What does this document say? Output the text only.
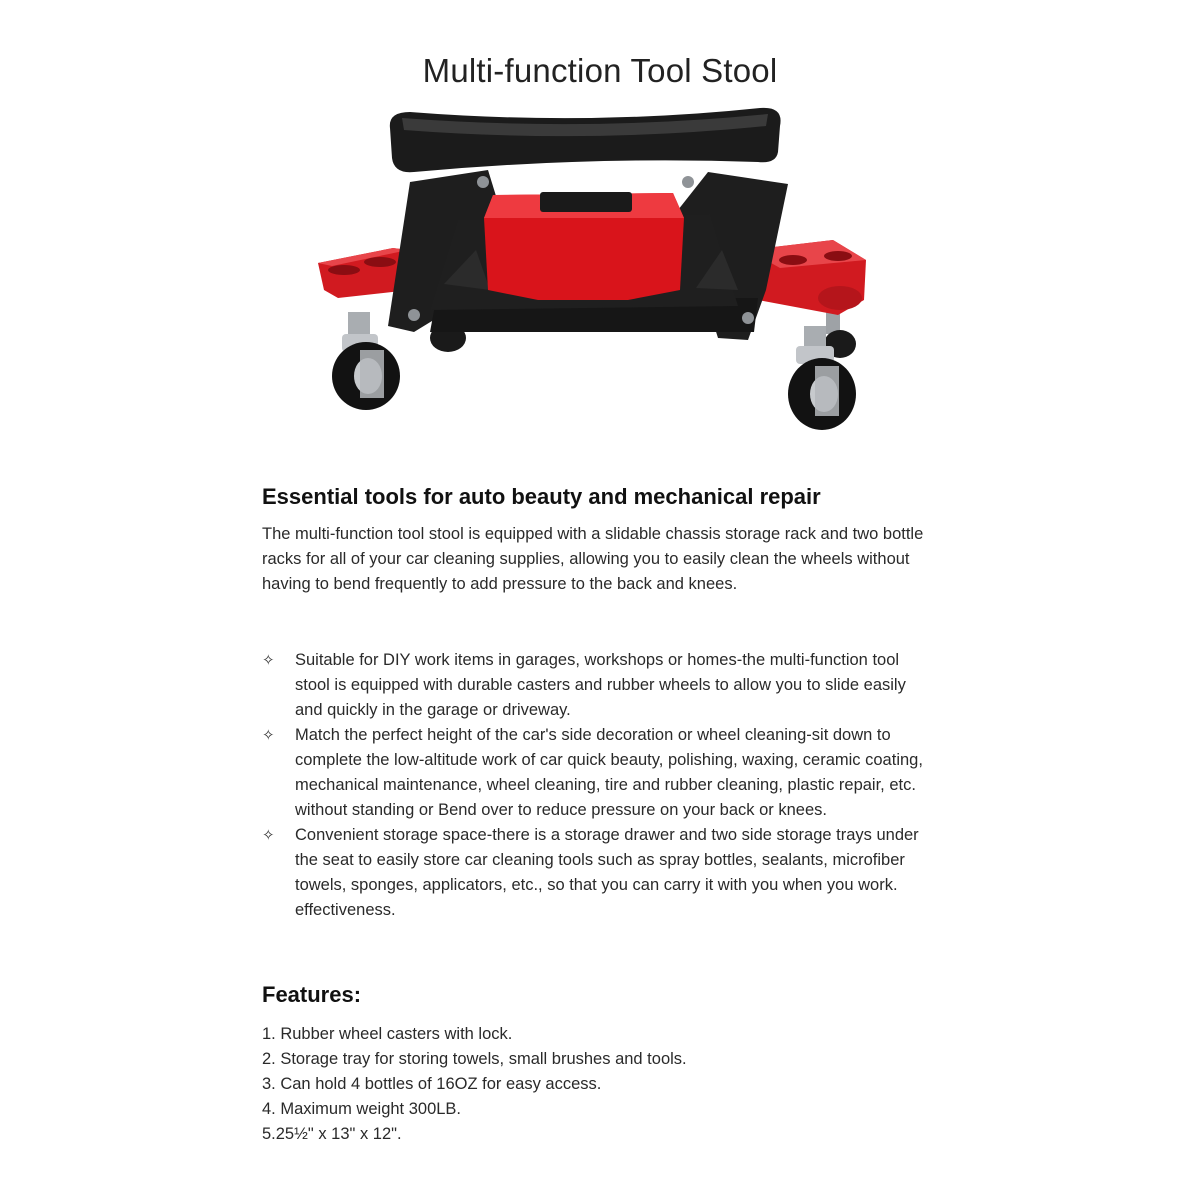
Multi-function Tool Stool
Essential tools for auto beauty and mechanical repair

The multi-function tool stool is equipped with a slidable chassis storage rack and two bottle racks for all of your car cleaning supplies, allowing you to easily clean the wheels without having to bend frequently to add pressure to the back and knees.

✧ Suitable for DIY work items in garages, workshops or homes-the multi-function tool stool is equipped with durable casters and rubber wheels to allow you to slide easily and quickly in the garage or driveway.
✧ Match the perfect height of the car's side decoration or wheel cleaning-sit down to complete the low-altitude work of car quick beauty, polishing, waxing, ceramic coating, mechanical maintenance, wheel cleaning, tire and rubber cleaning, plastic repair, etc. without standing or Bend over to reduce pressure on your back or knees.
✧ Convenient storage space-there is a storage drawer and two side storage trays under the seat to easily store car cleaning tools such as spray bottles, sealants, microfiber towels, sponges, applicators, etc., so that you can carry it with you when you work. effectiveness.
Features:
1. Rubber wheel casters with lock.
2. Storage tray for storing towels, small brushes and tools.
3. Can hold 4 bottles of 16OZ for easy access.
4. Maximum weight 300LB.
5.25½" x 13" x 12".
